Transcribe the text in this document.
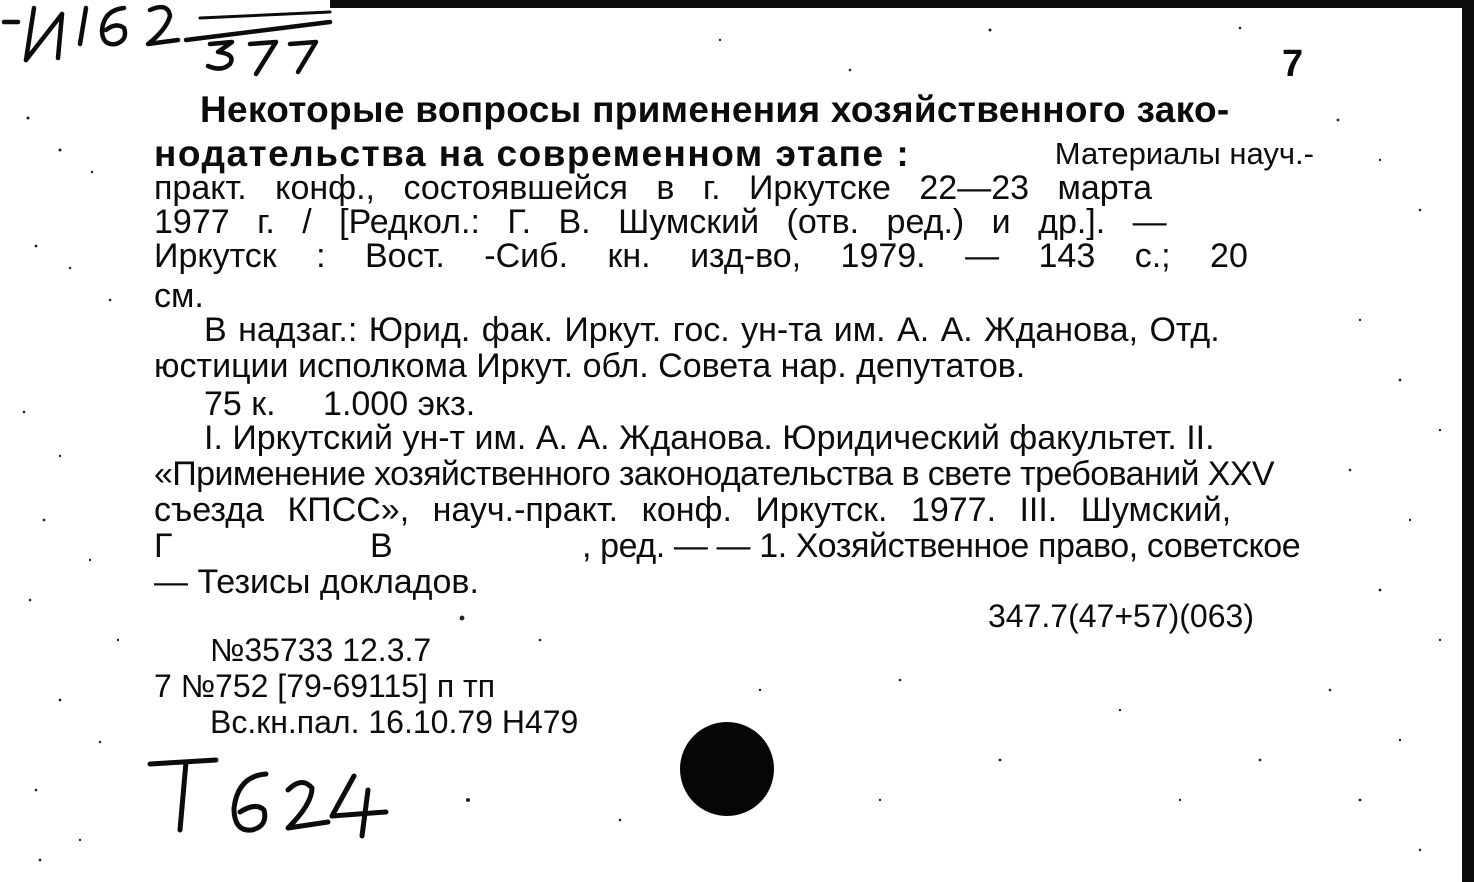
7
Некоторые вопросы применения хозяйственного зако-
нодательства на современном этапе :	Материалы науч.-
практ. конф., состоявшейся в г. Иркутске 22—23 марта
1977 г. / [Редкол.: Г. В. Шумский (отв. ред.) и др.]. —
Иркутск : Вост. -Сиб. кн. изд-во, 1979. — 143 с.; 20
см.
В надзаг.: Юрид. фак. Иркут. гос. ун-та им. А. А. Жданова, Отд.
юстиции исполкома Иркут. обл. Совета нар. депутатов.
75 к. 1.000 экз.
I. Иркутский ун-т им. А. А. Жданова. Юридический факультет. II.
«Применение хозяйственного законодательства в свете требований XXV
съезда КПСС», науч.-практ. конф. Иркутск. 1977. III. Шумский,
Г	В	, ред. — — 1. Хозяйственное право, советское
— Тезисы докладов.
347.7(47+57)(063)
№35733 12.3.7
7 №752 [79-69115] п тп
Вс.кн.пал. 16.10.79 Н479
